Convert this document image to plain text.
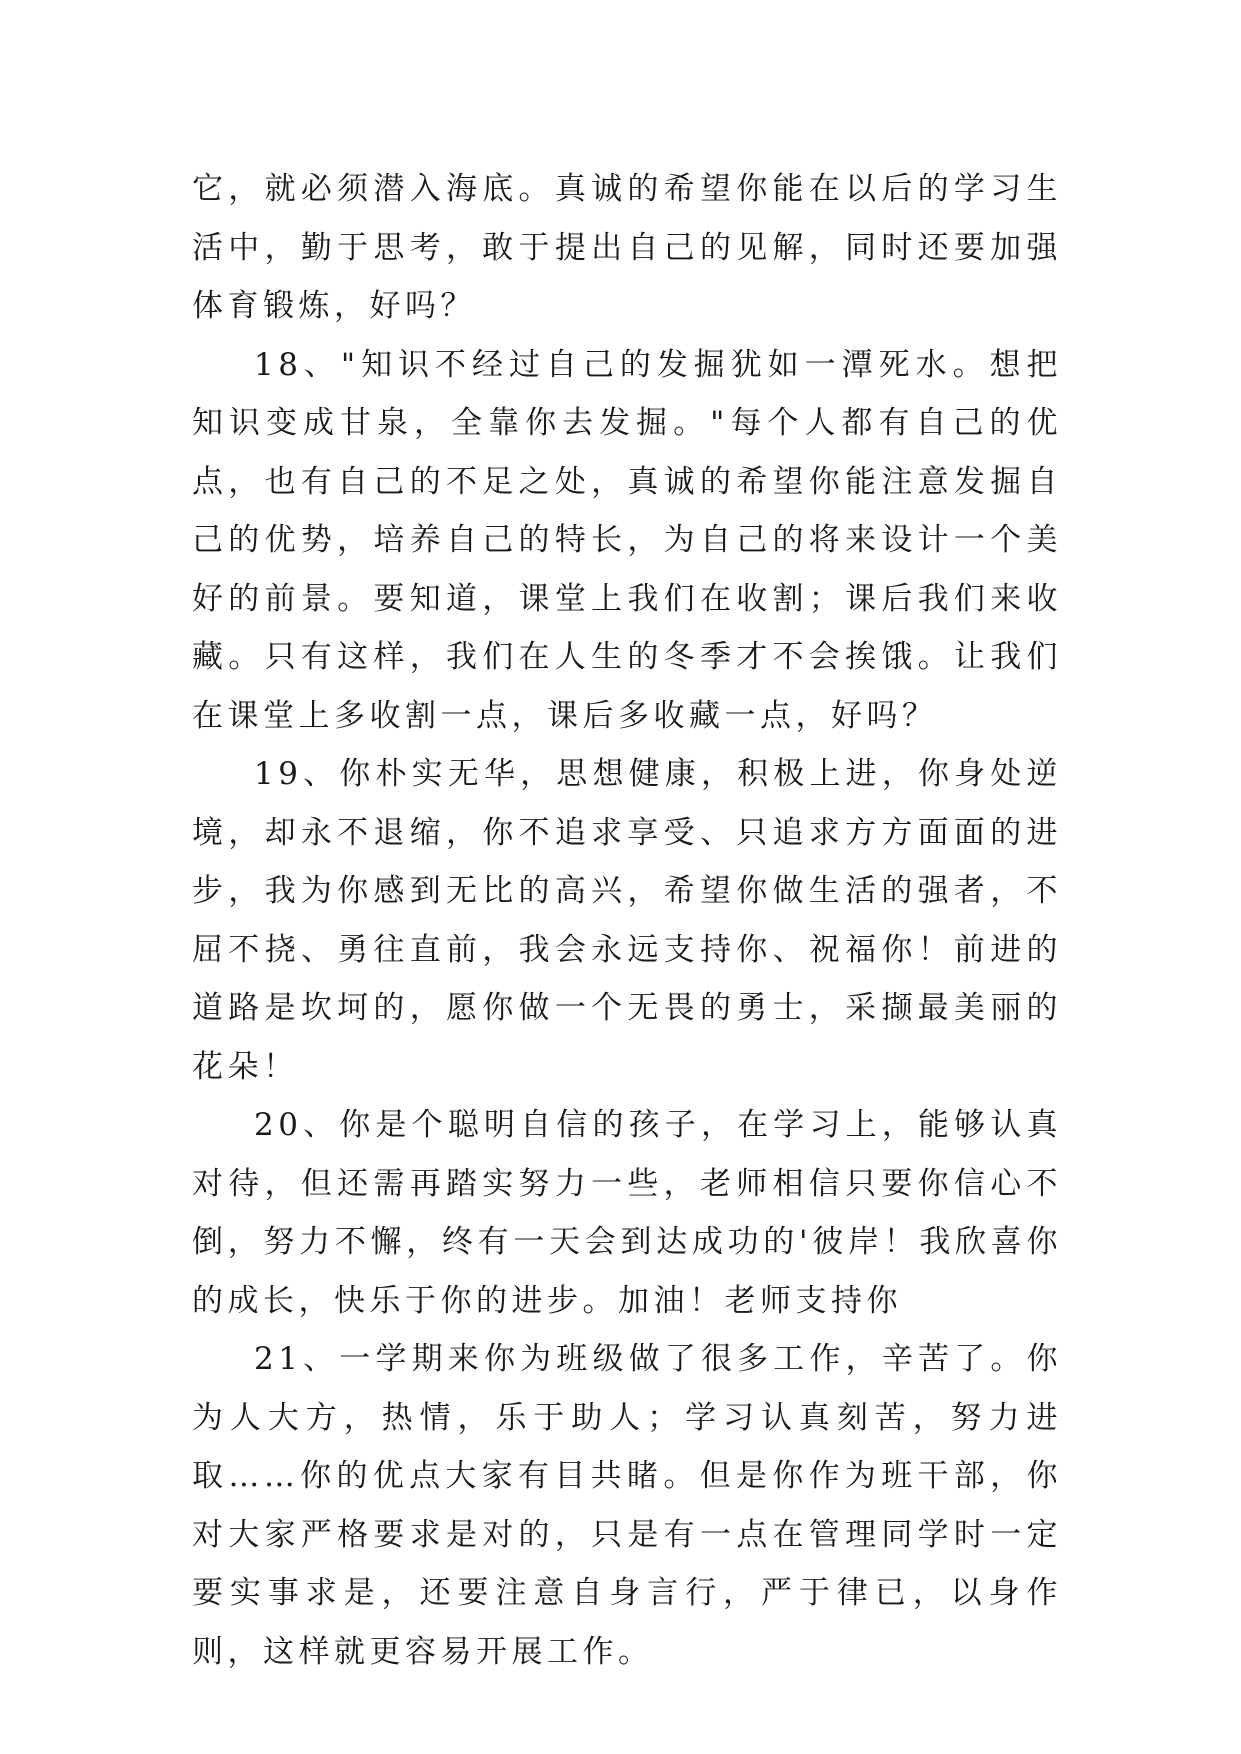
它，就必须潜入海底。真诚的希望你能在以后的学习生活中，勤于思考，敢于提出自己的见解，同时还要加强体育锻炼，好吗？

18、"知识不经过自己的发掘犹如一潭死水。想把知识变成甘泉，全靠你去发掘。"每个人都有自己的优点，也有自己的不足之处，真诚的希望你能注意发掘自己的优势，培养自己的特长，为自己的将来设计一个美好的前景。要知道，课堂上我们在收割；课后我们来收藏。只有这样，我们在人生的冬季才不会挨饿。让我们在课堂上多收割一点，课后多收藏一点，好吗？

19、你朴实无华，思想健康，积极上进，你身处逆境，却永不退缩，你不追求享受、只追求方方面面的进步，我为你感到无比的高兴，希望你做生活的强者，不屈不挠、勇往直前，我会永远支持你、祝福你！前进的道路是坎坷的，愿你做一个无畏的勇士，采撷最美丽的花朵！

20、你是个聪明自信的孩子，在学习上，能够认真对待，但还需再踏实努力一些，老师相信只要你信心不倒，努力不懈，终有一天会到达成功的'彼岸！我欣喜你的成长，快乐于你的进步。加油！老师支持你

21、一学期来你为班级做了很多工作，辛苦了。你为人大方，热情，乐于助人；学习认真刻苦，努力进取……你的优点大家有目共睹。但是你作为班干部，你对大家严格要求是对的，只是有一点在管理同学时一定要实事求是，还要注意自身言行，严于律已，以身作则，这样就更容易开展工作。
